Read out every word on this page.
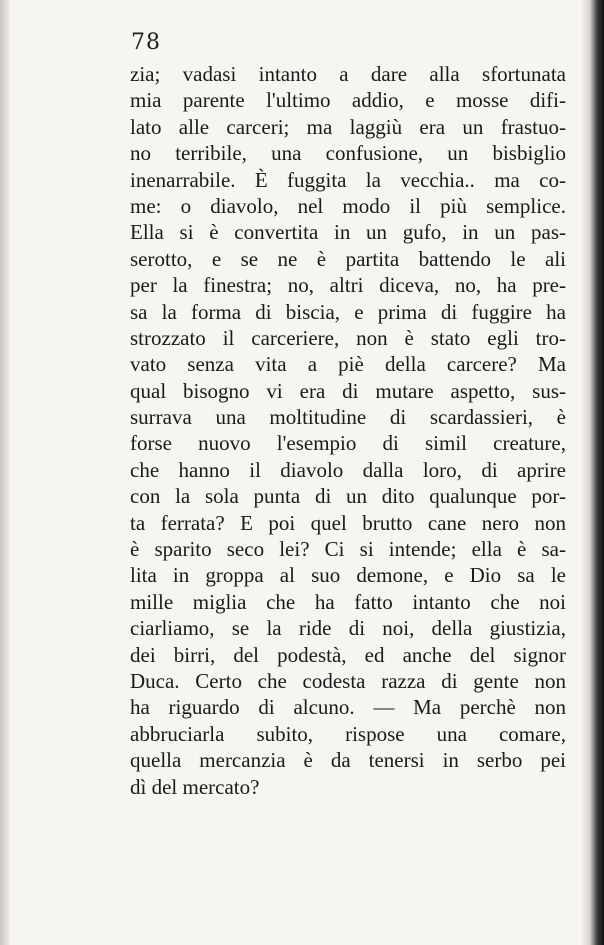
78
zia; vadasi intanto a dare alla sfortunata
mia parente l'ultimo addio, e mosse difi-
lato alle carceri; ma laggiù era un frastuo-
no terribile, una confusione, un bisbiglio
inenarrabile. È fuggita la vecchia.. ma co-
me: o diavolo, nel modo il più semplice.
Ella si è convertita in un gufo, in un pas-
serotto, e se ne è partita battendo le ali
per la finestra; no, altri diceva, no, ha pre-
sa la forma di biscia, e prima di fuggire ha
strozzato il carceriere, non è stato egli tro-
vato senza vita a piè della carcere? Ma
qual bisogno vi era di mutare aspetto, sus-
surrava una moltitudine di scardassieri, è
forse nuovo l'esempio di simil creature,
che hanno il diavolo dalla loro, di aprire
con la sola punta di un dito qualunque por-
ta ferrata? E poi quel brutto cane nero non
è sparito seco lei? Ci si intende; ella è sa-
lita in groppa al suo demone, e Dio sa le
mille miglia che ha fatto intanto che noi
ciarliamo, se la ride di noi, della giustizia,
dei birri, del podestà, ed anche del signor
Duca. Certo che codesta razza di gente non
ha riguardo di alcuno. — Ma perchè non
abbruciarla subito, rispose una comare,
quella mercanzia è da tenersi in serbo pei
dì del mercato?
